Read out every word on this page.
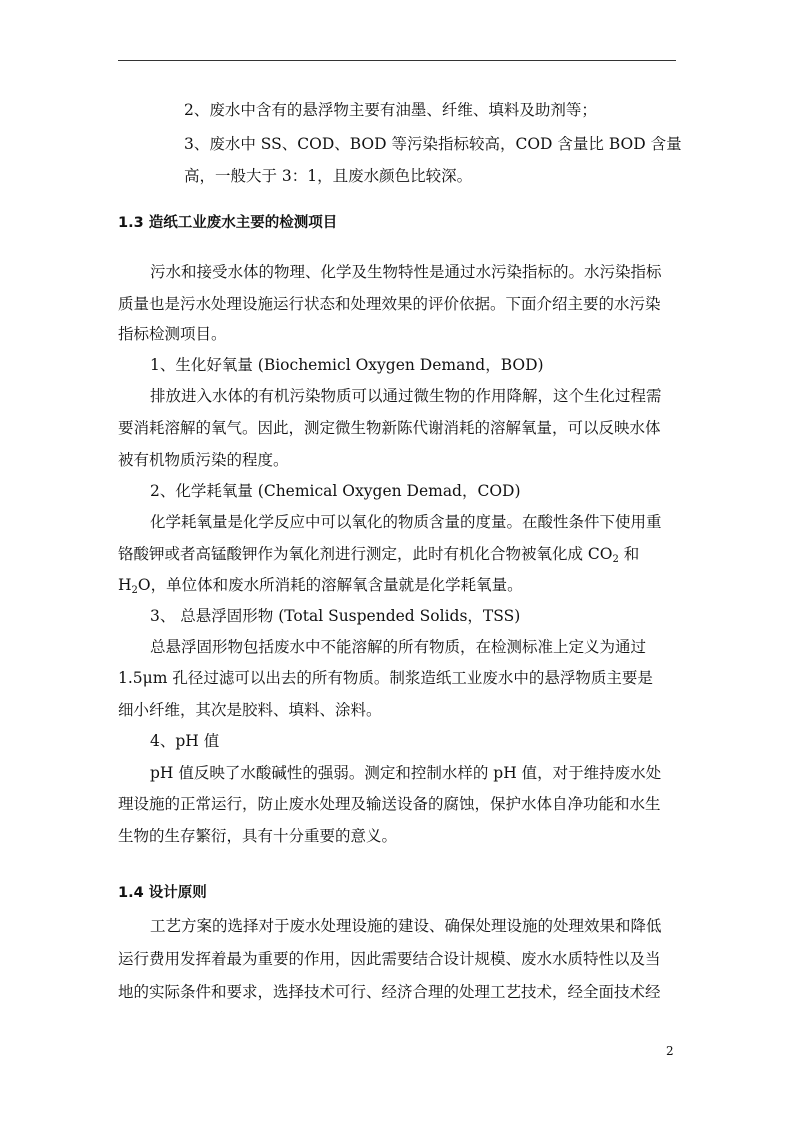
2、废水中含有的悬浮物主要有油墨、纤维、填料及助剂等；
3、废水中 SS、COD、BOD 等污染指标较高，COD 含量比 BOD 含量
高，一般大于 3：1，且废水颜色比较深。
1.3 造纸工业废水主要的检测项目
污水和接受水体的物理、化学及生物特性是通过水污染指标的。水污染指标
质量也是污水处理设施运行状态和处理效果的评价依据。下面介绍主要的水污染
指标检测项目。
1、生化好氧量 (Biochemicl Oxygen Demand，BOD)
排放进入水体的有机污染物质可以通过微生物的作用降解，这个生化过程需
要消耗溶解的氧气。因此，测定微生物新陈代谢消耗的溶解氧量，可以反映水体
被有机物质污染的程度。
2、化学耗氧量 (Chemical Oxygen Demad，COD)
化学耗氧量是化学反应中可以氧化的物质含量的度量。在酸性条件下使用重
铬酸钾或者高锰酸钾作为氧化剂进行测定，此时有机化合物被氧化成 $CO_2$ 和
$H_2O$，单位体和废水所消耗的溶解氧含量就是化学耗氧量。
3、 总悬浮固形物 (Total Suspended Solids，TSS)
总悬浮固形物包括废水中不能溶解的所有物质，在检测标准上定义为通过
1.5μm 孔径过滤可以出去的所有物质。制浆造纸工业废水中的悬浮物质主要是
细小纤维，其次是胶料、填料、涂料。
4、pH 值
pH 值反映了水酸碱性的强弱。测定和控制水样的 pH 值，对于维持废水处
理设施的正常运行，防止废水处理及输送设备的腐蚀，保护水体自净功能和水生
生物的生存繁衍，具有十分重要的意义。
1.4 设计原则
工艺方案的选择对于废水处理设施的建设、确保处理设施的处理效果和降低
运行费用发挥着最为重要的作用，因此需要结合设计规模、废水水质特性以及当
地的实际条件和要求，选择技术可行、经济合理的处理工艺技术，经全面技术经
2
